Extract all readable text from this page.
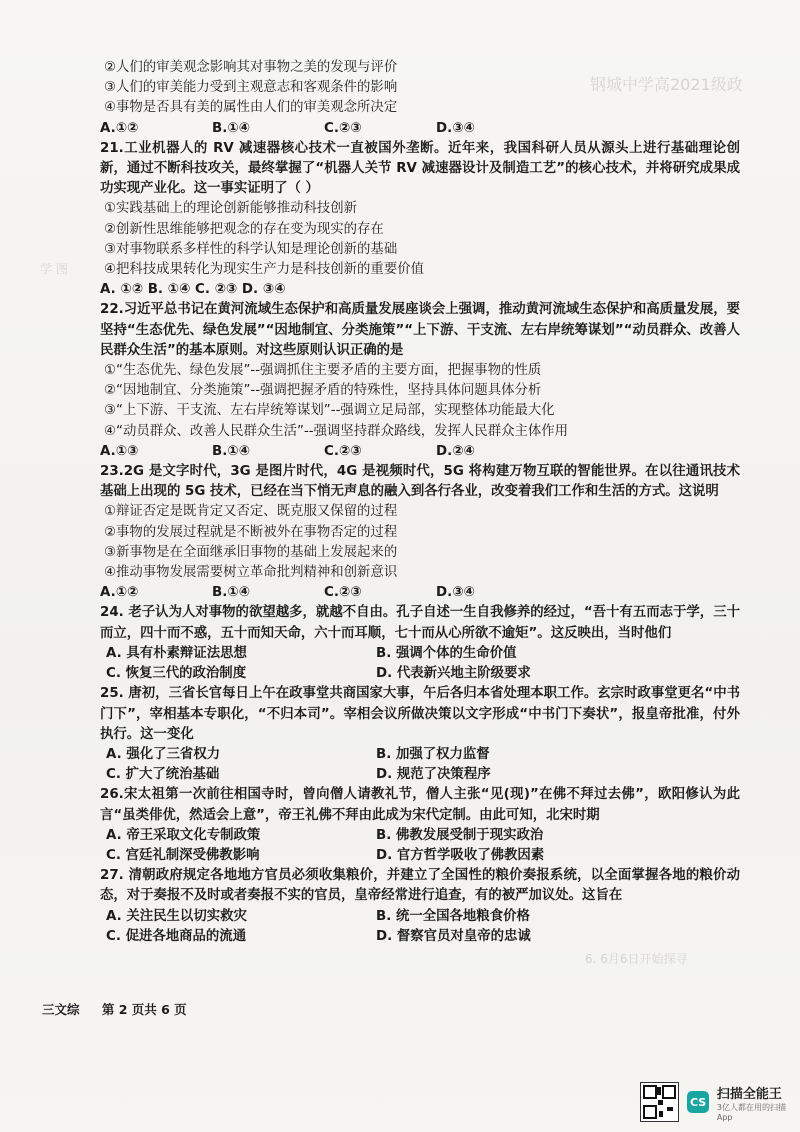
钢城中学高2021级政
学 图
6. 6月6日开始探寻
②人们的审美观念影响其对事物之美的发现与评价
③人们的审美能力受到主观意志和客观条件的影响
④事物是否具有美的属性由人们的审美观念所决定
A.①②	B.①④	C.②③	D.③④
21.工业机器人的 RV 减速器核心技术一直被国外垄断。近年来，我国科研人员从源头上进行基础理论创新，通过不断科技攻关，最终掌握了“机器人关节 RV 减速器设计及制造工艺”的核心技术，并将研究成果成功实现产业化。这一事实证明了（ ）
①实践基础上的理论创新能够推动科技创新
②创新性思维能够把观念的存在变为现实的存在
③对事物联系多样性的科学认知是理论创新的基础
④把科技成果转化为现实生产力是科技创新的重要价值
A. ①② B. ①④ C. ②③ D. ③④
22.习近平总书记在黄河流域生态保护和高质量发展座谈会上强调，推动黄河流域生态保护和高质量发展，要坚持“生态优先、绿色发展”“因地制宜、分类施策”“上下游、干支流、左右岸统筹谋划”“动员群众、改善人民群众生活”的基本原则。对这些原则认识正确的是
①“生态优先、绿色发展”--强调抓住主要矛盾的主要方面，把握事物的性质
②“因地制宜、分类施策”--强调把握矛盾的特殊性，坚持具体问题具体分析
③“上下游、干支流、左右岸统筹谋划”--强调立足局部，实现整体功能最大化
④“动员群众、改善人民群众生活”--强调坚持群众路线，发挥人民群众主体作用
A.①③	B.①④	C.②③	D.②④
23.2G 是文字时代，3G 是图片时代，4G 是视频时代，5G 将构建万物互联的智能世界。在以往通讯技术基础上出现的 5G 技术，已经在当下悄无声息的融入到各行各业，改变着我们工作和生活的方式。这说明
①辩证否定是既肯定又否定、既克服又保留的过程
②事物的发展过程就是不断被外在事物否定的过程
③新事物是在全面继承旧事物的基础上发展起来的
④推动事物发展需要树立革命批判精神和创新意识
A.①②	B.①④	C.②③	D.③④
24. 老子认为人对事物的欲望越多，就越不自由。孔子自述一生自我修养的经过，“吾十有五而志于学，三十而立，四十而不惑，五十而知天命，六十而耳顺，七十而从心所欲不逾矩”。这反映出，当时他们
A. 具有朴素辩证法思想	B. 强调个体的生命价值
C. 恢复三代的政治制度	D. 代表新兴地主阶级要求
25. 唐初，三省长官每日上午在政事堂共商国家大事，午后各归本省处理本职工作。玄宗时政事堂更名“中书门下”，宰相基本专职化，“不归本司”。宰相会议所做决策以文字形成“中书门下奏状”，报皇帝批准，付外执行。这一变化
A. 强化了三省权力	B. 加强了权力监督
C. 扩大了统治基础	D. 规范了决策程序
26.宋太祖第一次前往相国寺时，曾向僧人请教礼节，僧人主张“见(现)”在佛不拜过去佛”，欧阳修认为此言“虽类俳优，然适会上意”，帝王礼佛不拜由此成为宋代定制。由此可知，北宋时期
A. 帝王采取文化专制政策	B. 佛教发展受制于现实政治
C. 宫廷礼制深受佛教影响	D. 官方哲学吸收了佛教因素
27. 清朝政府规定各地地方官员必须收集粮价，并建立了全国性的粮价奏报系统，以全面掌握各地的粮价动态，对于奏报不及时或者奏报不实的官员，皇帝经常进行追查，有的被严加议处。这旨在
A. 关注民生以切实救灾	B. 统一全国各地粮食价格
C. 促进各地商品的流通	D. 督察官员对皇帝的忠诚
三文综 第 2 页共 6 页
CS
扫描全能王
3亿人都在用的扫描App
